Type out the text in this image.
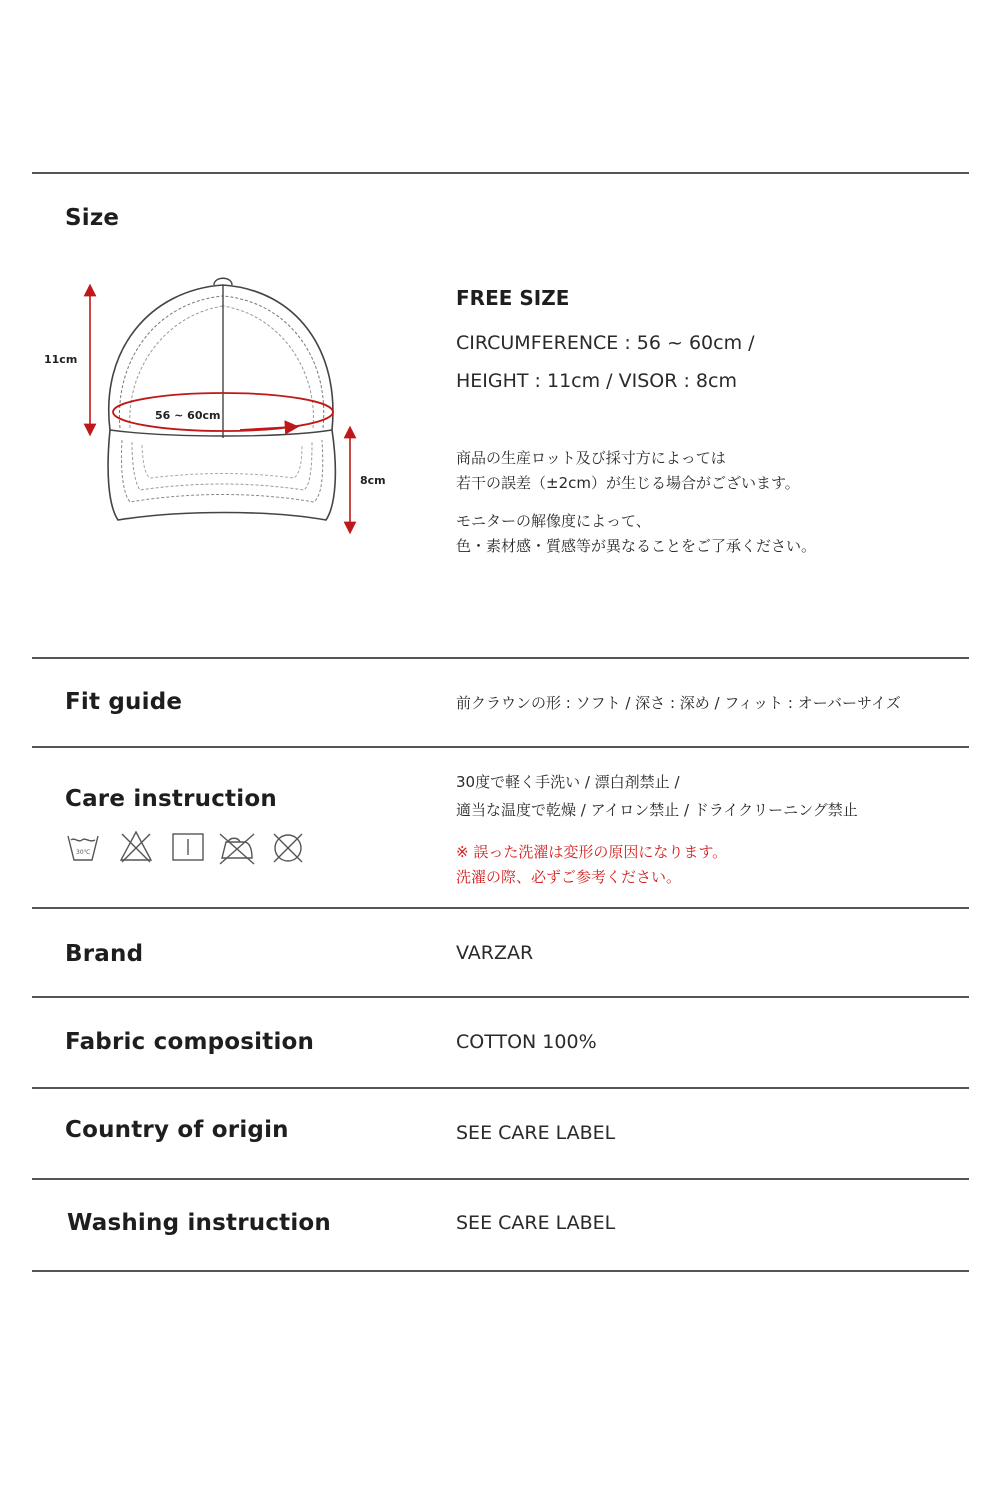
Size
56 ~ 60cm
11cm
8cm
FREE SIZE
CIRCUMFERENCE : 56 ~ 60cm /
HEIGHT : 11cm / VISOR : 8cm
商品の生産ロット及び採寸方によっては
若干の誤差（±2cm）が生じる場合がございます。
モニターの解像度によって、
色・素材感・質感等が異なることをご了承ください。
Fit guide	前クラウンの形 : ソフト / 深さ : 深め / フィット : オーバーサイズ
Care instruction
30℃
30度で軽く手洗い / 漂白剤禁止 /
適当な温度で乾燥 / アイロン禁止 / ドライクリーニング禁止
※ 誤った洗濯は変形の原因になります。
洗濯の際、必ずご参考ください。
Brand	VARZAR
Fabric composition	COTTON 100%
Country of origin	SEE CARE LABEL
Washing instruction	SEE CARE LABEL
